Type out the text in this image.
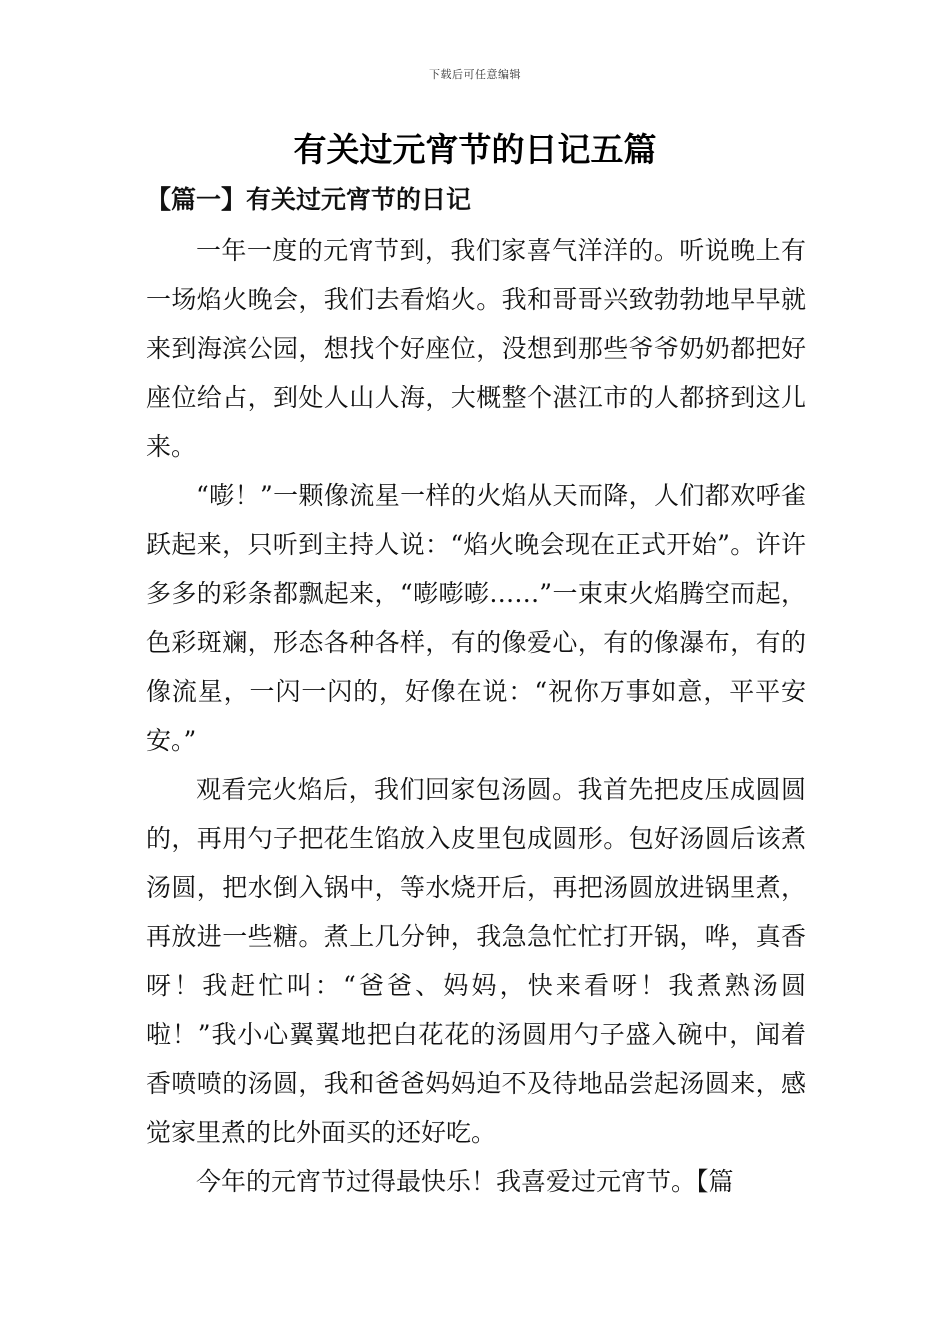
下载后可任意编辑
有关过元宵节的日记五篇
【篇一】有关过元宵节的日记

一年一度的元宵节到，我们家喜气洋洋的。听说晚上有一场焰火晚会，我们去看焰火。我和哥哥兴致勃勃地早早就来到海滨公园，想找个好座位，没想到那些爷爷奶奶都把好座位给占，到处人山人海，大概整个湛江市的人都挤到这儿来。

“嘭！”一颗像流星一样的火焰从天而降，人们都欢呼雀跃起来，只听到主持人说：“焰火晚会现在正式开始”。许许多多的彩条都飘起来，“嘭嘭嘭……”一束束火焰腾空而起，色彩斑斓，形态各种各样，有的像爱心，有的像瀑布，有的像流星，一闪一闪的，好像在说：“祝你万事如意，平平安安。”

观看完火焰后，我们回家包汤圆。我首先把皮压成圆圆的，再用勺子把花生馅放入皮里包成圆形。包好汤圆后该煮汤圆，把水倒入锅中，等水烧开后，再把汤圆放进锅里煮，再放进一些糖。煮上几分钟，我急急忙忙打开锅，哗，真香呀！我赶忙叫：“爸爸、妈妈，快来看呀！我煮熟汤圆啦！”我小心翼翼地把白花花的汤圆用勺子盛入碗中，闻着香喷喷的汤圆，我和爸爸妈妈迫不及待地品尝起汤圆来，感觉家里煮的比外面买的还好吃。

今年的元宵节过得最快乐！我喜爱过元宵节。【篇
